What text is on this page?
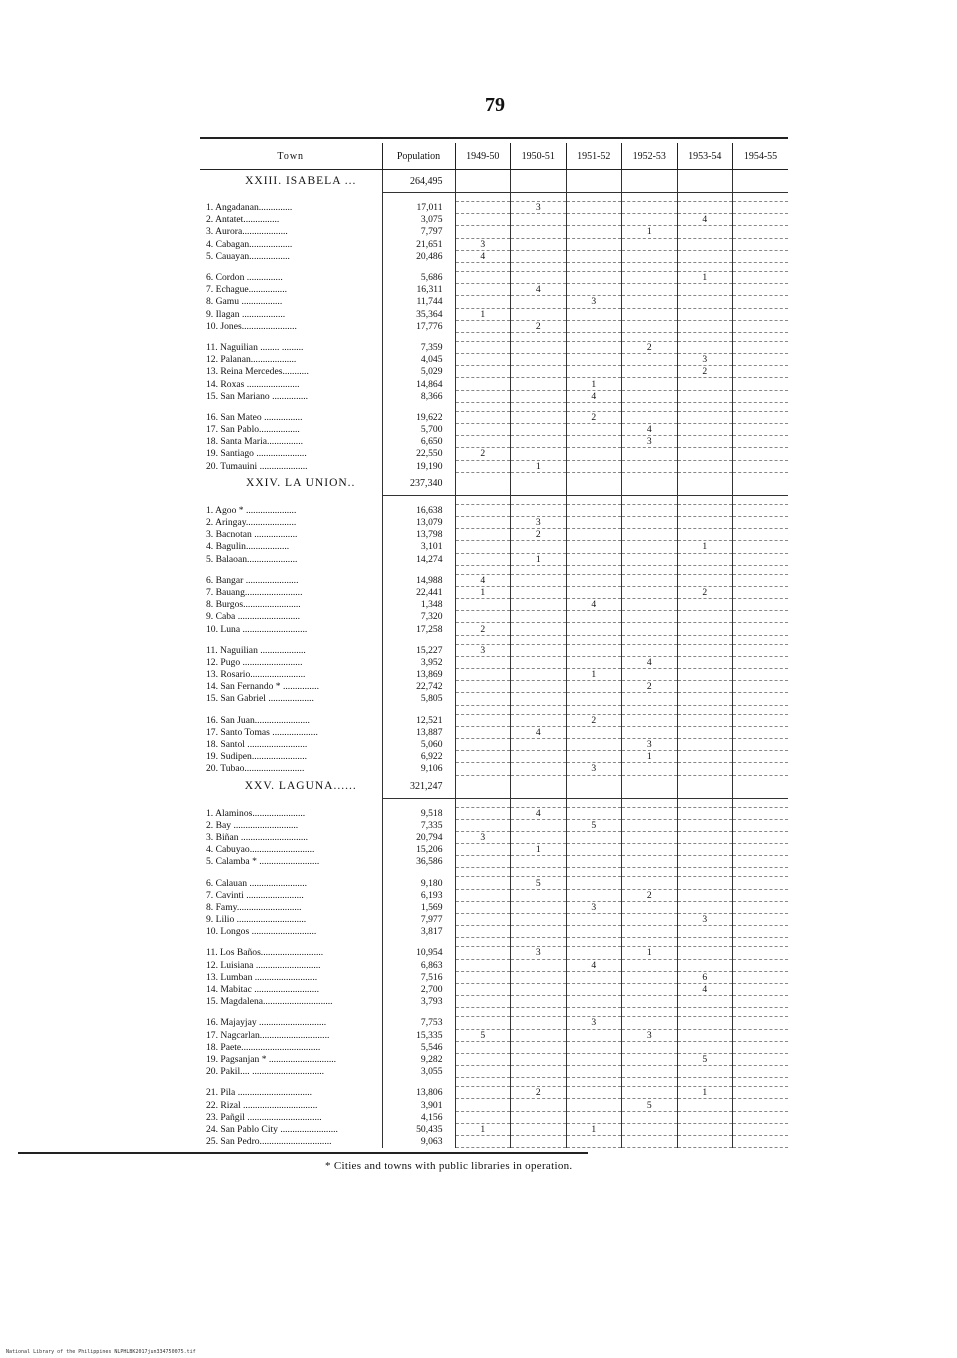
79
Town	Population	1949-50	1950-51	1951-52	1952-53	1953-54	1954-55
XXIII. ISABELA ...	264,495						

1. Angadanan..............	17,011		3				
2. Antatet...............	3,075					4	
3. Aurora...................	7,797				1		
4. Cabagan..................	21,651	3					
5. Cauayan.................	20,486	4					

6. Cordon ...............	5,686					1	
7. Echague................	16,311		4				
8. Gamu .................	11,744			3			
9. Ilagan ..................	35,364	1					
10. Jones.......................	17,776		2				

11. Naguilian ........ .........	7,359				2		
12. Palanan...................	4,045					3	
13. Reina Mercedes...........	5,029					2	
14. Roxas ......................	14,864			1			
15. San Mariano ...............	8,366			4			

16. San Mateo ................	19,622			2			
17. San Pablo.................	5,700				4		
18. Santa Maria...............	6,650				3		
19. Santiago .....................	22,550	2					
20. Tumauini ....................	19,190		1				
XXIV. LA UNION..	237,340						

1. Agoo * .....................	16,638						
2. Aringay.....................	13,079		3				
3. Bacnotan ..................	13,798		2				
4. Bagulin..................	3,101					1	
5. Balaoan.....................	14,274		1				

6. Bangar ......................	14,988	4					
7. Bauang........................	22,441	1				2	
8. Burgos........................	1,348			4			
9. Caba ..........................	7,320						
10. Luna ...........................	17,258	2					

11. Naguilian ...................	15,227	3					
12. Pugo .........................	3,952				4		
13. Rosario.......................	13,869			1			
14. San Fernando * ...............	22,742				2		
15. San Gabriel ...................	5,805						

16. San Juan.......................	12,521			2			
17. Santo Tomas ...................	13,887		4				
18. Santol .........................	5,060				3		
19. Sudipen.......................	6,922				1		
20. Tubao.........................	9,106			3			
XXV. LAGUNA......	321,247						

1. Alaminos......................	9,518		4				
2. Bay ...........................	7,335			5			
3. Biñan ............................	20,794	3					
4. Cabuyao...........................	15,206		1				
5. Calamba * .........................	36,586						

6. Calauan ........................	9,180		5				
7. Cavinti ........................	6,193				2		
8. Famy...........................	1,569			3			
9. Lilio .............................	7,977					3	
10. Longos ...........................	3,817						

11. Los Baños..........................	10,954		3		1		
12. Luisiana ...........................	6,863			4			
13. Lumban ..........................	7,516					6	
14. Mabitac ...........................	2,700					4	
15. Magdalena.............................	3,793						

16. Majayjay ............................	7,753			3			
17. Nagcarlan.............................	15,335	5			3		
18. Paete.................................	5,546						
19. Pagsanjan * ............................	9,282					5	
20. Pakil.... ..............................	3,055						

21. Pila ...............................	13,806		2			1	
22. Rizal ...............................	3,901				5		
23. Pañgil ...............................	4,156						
24. San Pablo City ........................	50,435	1		1			
25. San Pedro..............................	9,063						
* Cities and towns with public libraries in operation.
National Library of the Philippines NLPHLBK2017jun334750075.tif
